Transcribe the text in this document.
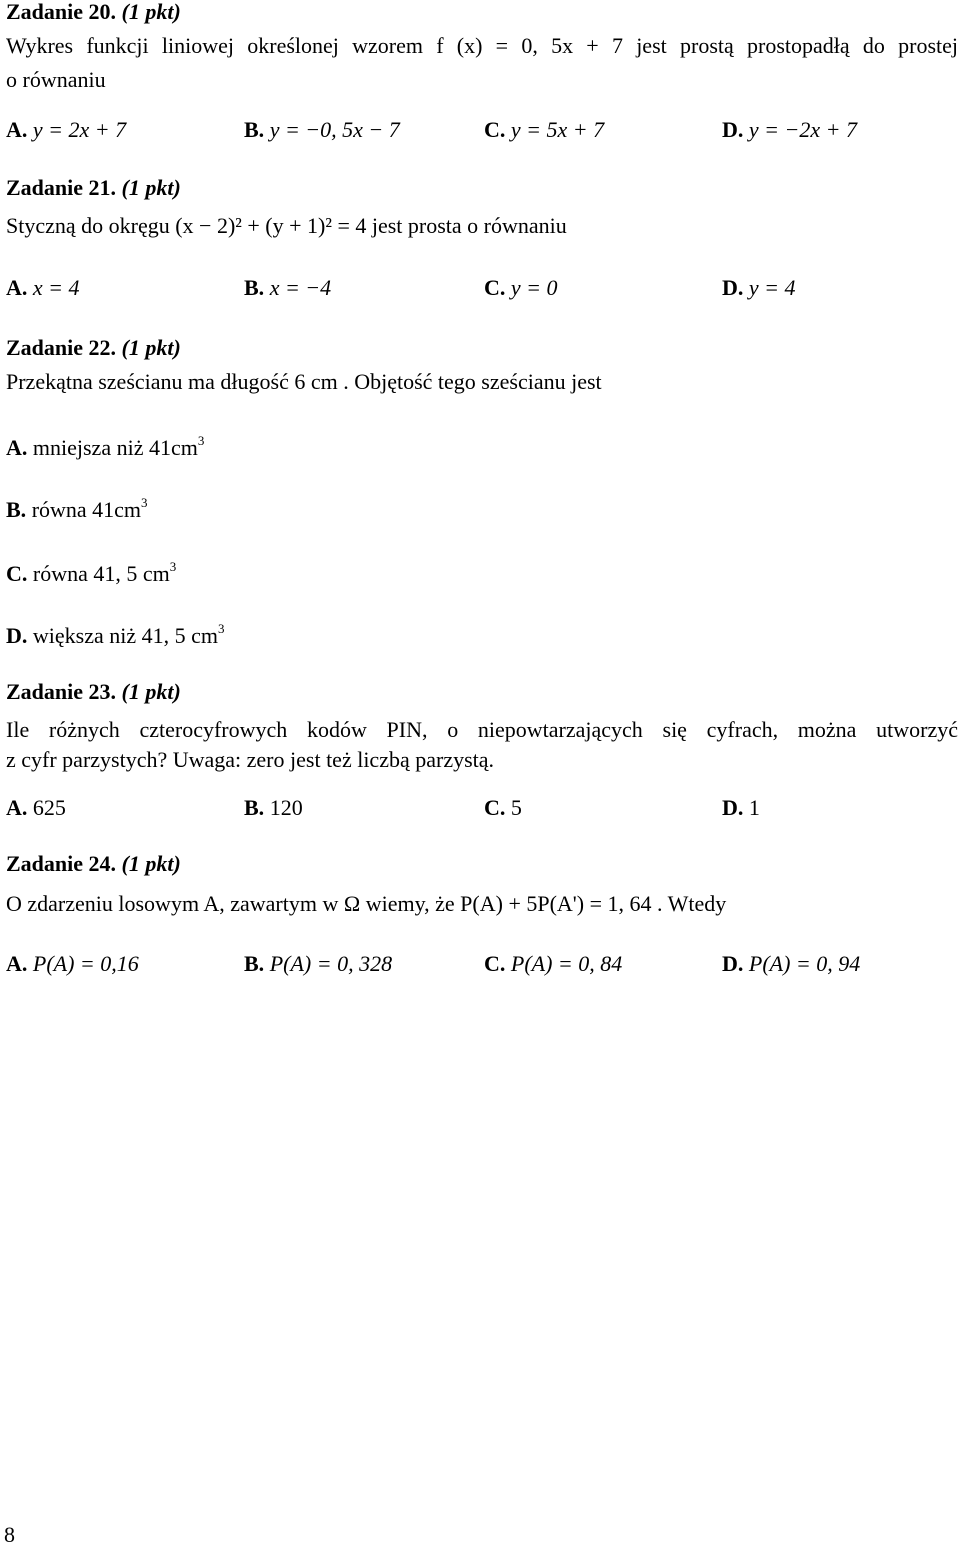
Zadanie 20. (1 pkt)
Wykres funkcji liniowej określonej wzorem f (x) = 0, 5x + 7 jest prostą prostopadłą do prostej
o równaniu
A. y = 2x + 7	B. y = −0, 5x − 7	C. y = 5x + 7	D. y = −2x + 7
Zadanie 21. (1 pkt)
Styczną do okręgu (x − 2)² + (y + 1)² = 4 jest prosta o równaniu
A. x = 4	B. x = −4	C. y = 0	D. y = 4
Zadanie 22. (1 pkt)
Przekątna sześcianu ma długość 6 cm . Objętość tego sześcianu jest
A. mniejsza niż $41cm^3$
B. równa $41cm^3$
C. równa 41, 5 $cm^3$
D. większa niż 41, 5 $cm^3$
Zadanie 23. (1 pkt)
Ile różnych czterocyfrowych kodów PIN, o niepowtarzających się cyfrach, można utworzyć
z cyfr parzystych? Uwaga: zero jest też liczbą parzystą.
A. 625	B. 120	C. 5	D. 1
Zadanie 24. (1 pkt)
O zdarzeniu losowym A, zawartym w Ω wiemy, że P(A) + 5P(A') = 1, 64 . Wtedy
A. P(A) = 0,16	B. P(A) = 0, 328	C. P(A) = 0, 84	D. P(A) = 0, 94
8
